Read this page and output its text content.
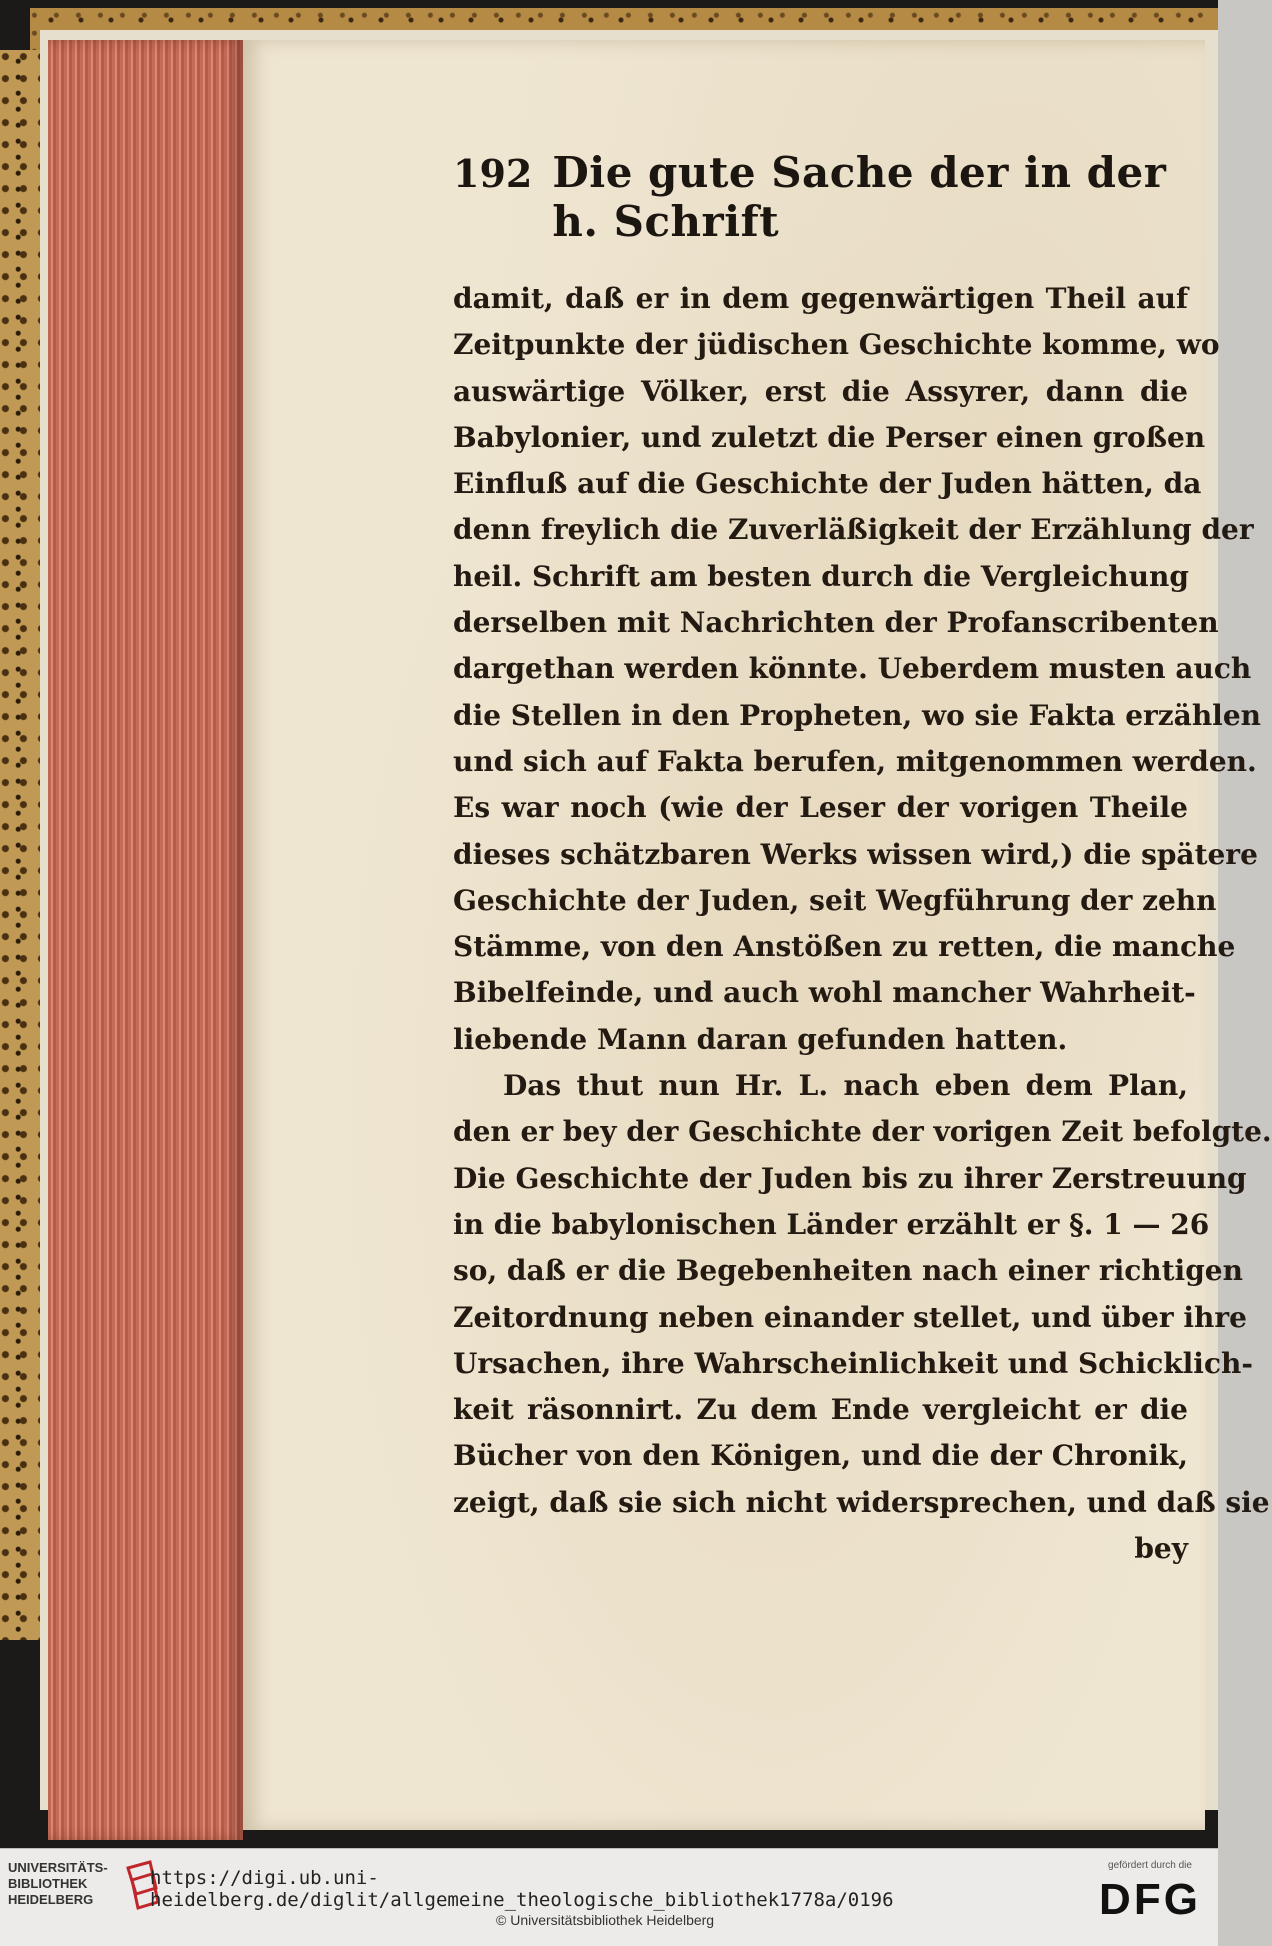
192 Die gute Sache der in der h. Schrift
damit, daß er in dem gegenwärtigen Theil auf
Zeitpunkte der jüdischen Geschichte komme, wo
auswärtige Völker, erst die Assyrer, dann die
Babylonier, und zuletzt die Perser einen großen
Einfluß auf die Geschichte der Juden hätten, da
denn freylich die Zuverläßigkeit der Erzählung der
heil. Schrift am besten durch die Vergleichung
derselben mit Nachrichten der Profanscribenten
dargethan werden könnte. Ueberdem musten auch
die Stellen in den Propheten, wo sie Fakta erzählen
und sich auf Fakta berufen, mitgenommen werden.
Es war noch (wie der Leser der vorigen Theile
dieses schätzbaren Werks wissen wird,) die spätere
Geschichte der Juden, seit Wegführung der zehn
Stämme, von den Anstößen zu retten, die manche
Bibelfeinde, und auch wohl mancher Wahrheit-
liebende Mann daran gefunden hatten.
Das thut nun Hr. L. nach eben dem Plan,
den er bey der Geschichte der vorigen Zeit befolgte.
Die Geschichte der Juden bis zu ihrer Zerstreuung
in die babylonischen Länder erzählt er §. 1 — 26
so, daß er die Begebenheiten nach einer richtigen
Zeitordnung neben einander stellet, und über ihre
Ursachen, ihre Wahrscheinlichkeit und Schicklich-
keit räsonnirt. Zu dem Ende vergleicht er die
Bücher von den Königen, und die der Chronik,
zeigt, daß sie sich nicht widersprechen, und daß sie
bey
UNIVERSITÄTS-
BIBLIOTHEK
HEIDELBERG
https://digi.ub.uni-heidelberg.de/diglit/allgemeine_theologische_bibliothek1778a/0196
© Universitätsbibliothek Heidelberg
gefördert durch die
DFG
